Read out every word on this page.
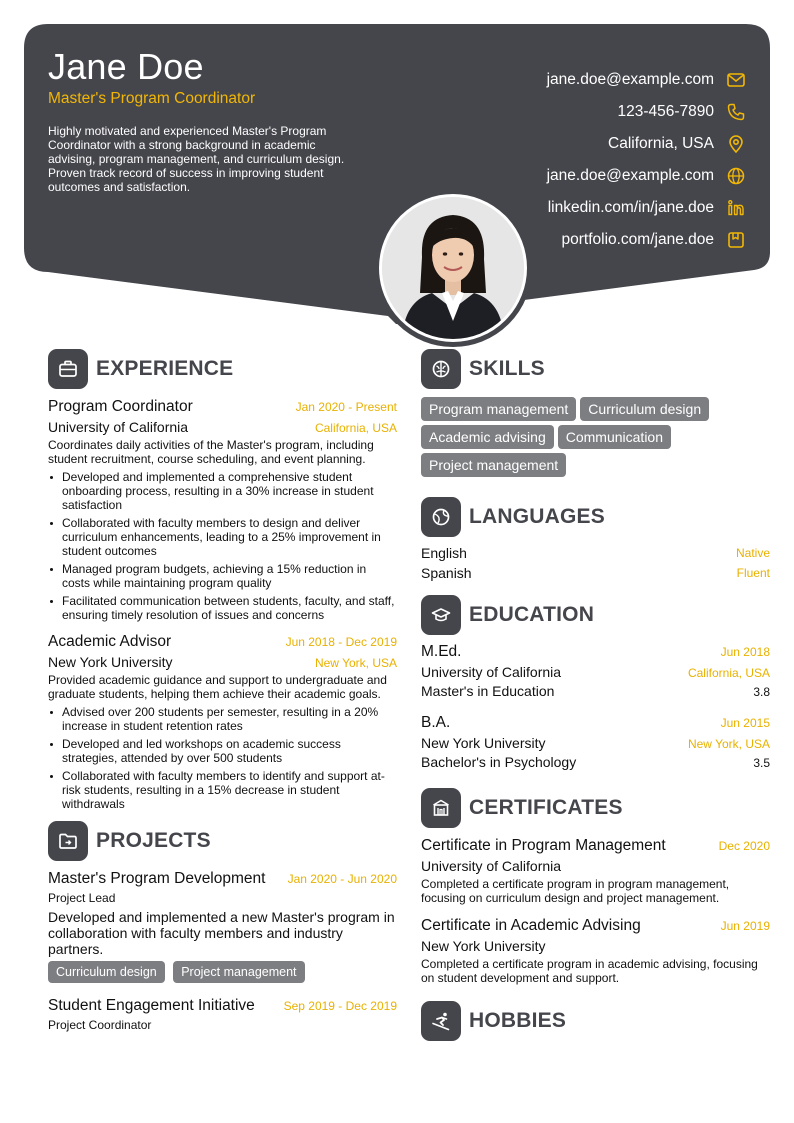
Jane Doe
Master's Program Coordinator
Highly motivated and experienced Master's Program Coordinator with a strong background in academic advising, program management, and curriculum design. Proven track record of success in improving student outcomes and satisfaction.
jane.doe@example.com
123-456-7890
California, USA
jane.doe@example.com
linkedin.com/in/jane.doe
portfolio.com/jane.doe
EXPERIENCE
Program Coordinator	Jan 2020 - Present
University of California	California, USA
Coordinates daily activities of the Master's program, including student recruitment, course scheduling, and event planning.
Developed and implemented a comprehensive student onboarding process, resulting in a 30% increase in student satisfaction
Collaborated with faculty members to design and deliver curriculum enhancements, leading to a 25% improvement in student outcomes
Managed program budgets, achieving a 15% reduction in costs while maintaining program quality
Facilitated communication between students, faculty, and staff, ensuring timely resolution of issues and concerns
Academic Advisor	Jun 2018 - Dec 2019
New York University	New York, USA
Provided academic guidance and support to undergraduate and graduate students, helping them achieve their academic goals.
Advised over 200 students per semester, resulting in a 20% increase in student retention rates
Developed and led workshops on academic success strategies, attended by over 500 students
Collaborated with faculty members to identify and support at-risk students, resulting in a 15% decrease in student withdrawals
PROJECTS
Master's Program Development Jan 2020 - Jun 2020
Project Lead
Developed and implemented a new Master's program in collaboration with faculty members and industry partners.
Curriculum design Project management
Student Engagement Initiative Sep 2019 - Dec 2019
Project Coordinator
SKILLS
Program management Curriculum designAcademic advising CommunicationProject management
LANGUAGES
English	Native
Spanish	Fluent
EDUCATION
M.Ed.	Jun 2018
University of California	California, USA
Master's in Education	3.8
B.A.	Jun 2015
New York University	New York, USA
Bachelor's in Psychology	3.5
CERTIFICATES
Certificate in Program Management	Dec 2020
University of California
Completed a certificate program in program management, focusing on curriculum design and project management.
Certificate in Academic Advising	Jun 2019
New York University
Completed a certificate program in academic advising, focusing on student development and support.
HOBBIES
